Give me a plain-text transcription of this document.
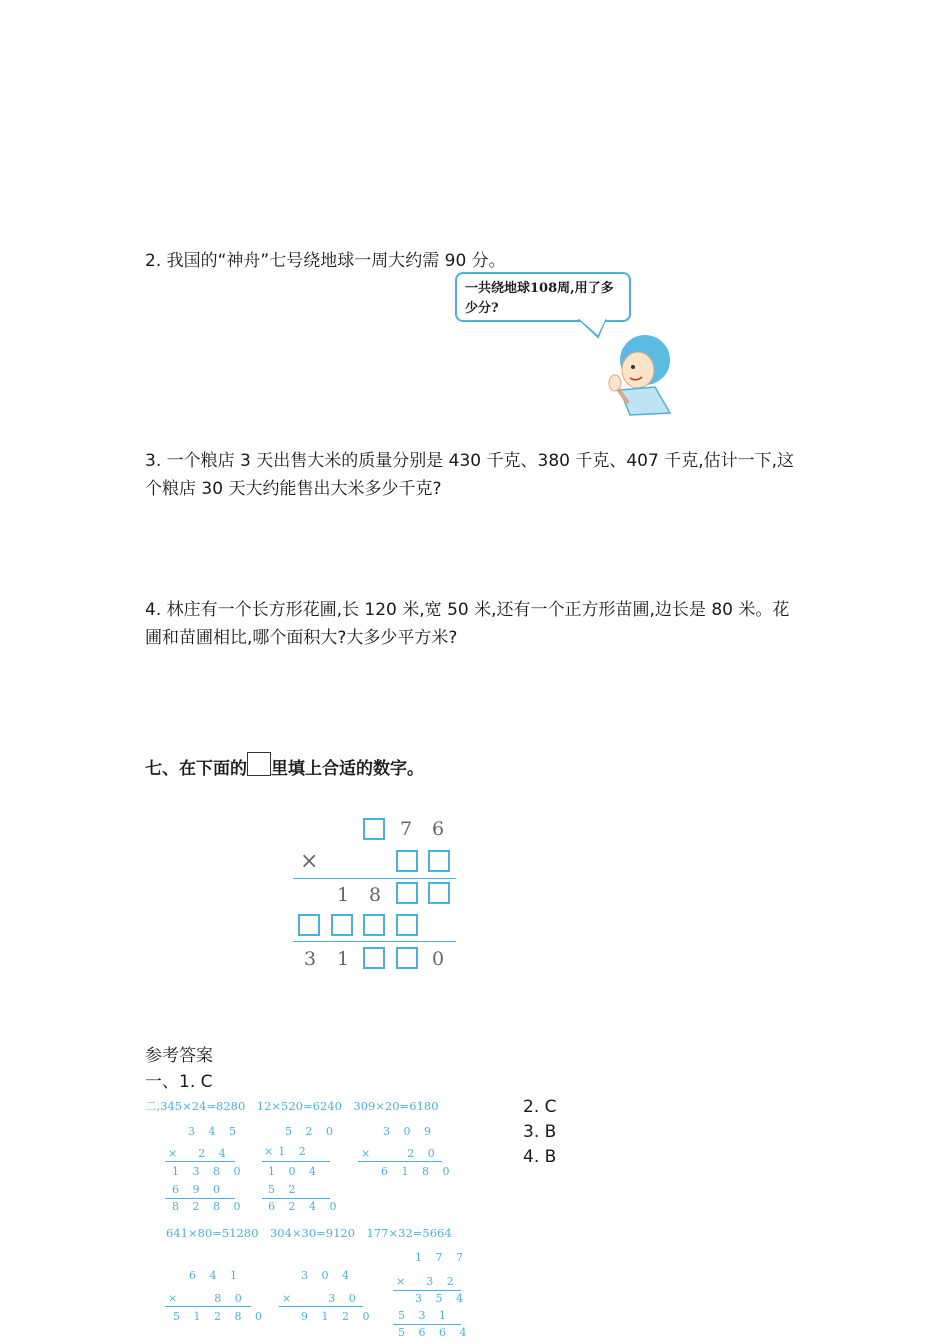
2. 我国的“神舟”七号绕地球一周大约需 90 分。
一共绕地球108周,用了多少分?
3. 一个粮店 3 天出售大米的质量分别是 430 千克、380 千克、407 千克,估计一下,这个粮店 30 天大约能售出大米多少千克?
4. 林庄有一个长方形花圃,长 120 米,宽 50 米,还有一个正方形苗圃,边长是 80 米。花圃和苗圃相比,哪个面积大?大多少平方米?
七、在下面的 里填上合适的数字。
7 6
×
1 8
3 1	0
参考答案
一、1. C
2. C
3. B
4. B
二,345×24=8280　12×520=6240　309×20=6180
3 4 5
×　2 4
1 3 8 0
6 9 0
8 2 8 0
5 2 0
×1 2
1 0 4
5 2
6 2 4 0
3 0 9
×　　2 0
6 1 8 0
641×80=51280　304×30=9120　177×32=5664
6 4 1
×　　8 0
5 1 2 8 0
3 0 4
×　　3 0
9 1 2 0
1 7 7
×　3 2
3 5 4
5 3 1
5 6 6 4
